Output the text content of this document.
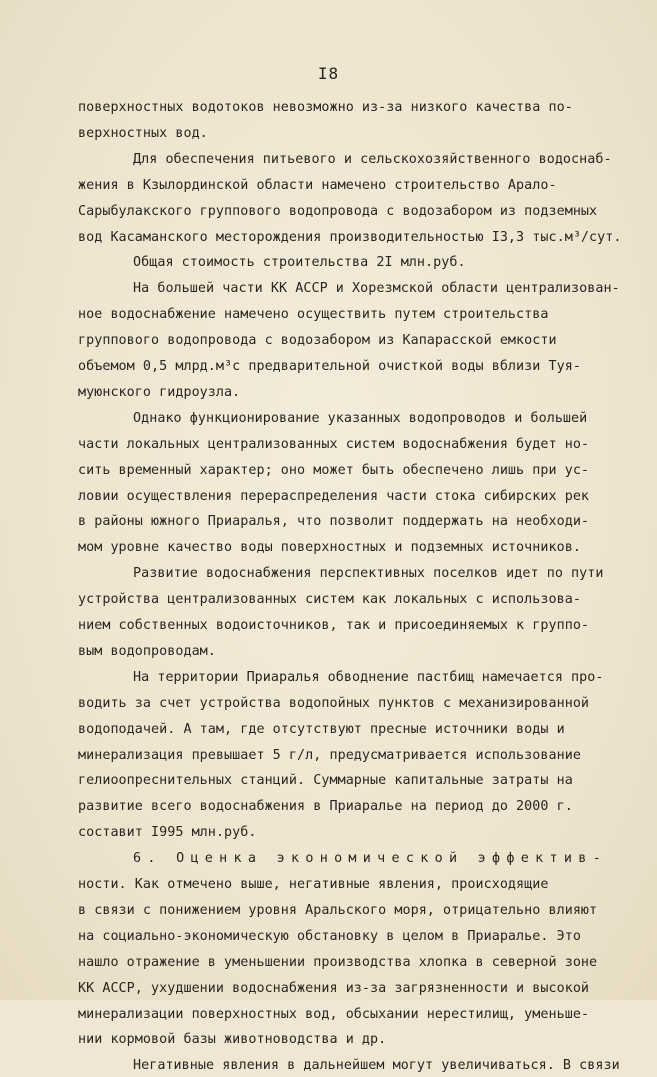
I8
поверхностных водотоков невозможно из-за низкого качества по-
верхностных вод.
Для обеспечения питьевого и сельскохозяйственного водоснаб-
жения в Кзылординской области намечено строительство Арало-
Сарыбулакского группового водопровода с водозабором из подземных
вод Касаманского месторождения производительностью I3,3 тыс.м³/сут.
Общая стоимость строительства 2I млн.руб.
На большей части КК АССР и Хорезмской области централизован-
ное водоснабжение намечено осуществить путем строительства
группового водопровода с водозабором из Капарасской емкости
объемом 0,5 млрд.м³с предварительной очисткой воды вблизи Туя-
муюнского гидроузла.
Однако функционирование указанных водопроводов и большей
части локальных централизованных систем водоснабжения будет но-
сить временный характер; оно может быть обеспечено лишь при ус-
ловии осуществления перераспределения части стока сибирских рек
в районы южного Приаралья, что позволит поддержать на необходи-
мом уровне качество воды поверхностных и подземных источников.
Развитие водоснабжения перспективных поселков идет по пути
устройства централизованных систем как локальных с использова-
нием собственных водоисточников, так и присоединяемых к группо-
вым водопроводам.
На территории Приаралья обводнение пастбищ намечается про-
водить за счет устройства водопойных пунктов с механизированной
водоподачей. А там, где отсутствуют пресные источники воды и
минерализация превышает 5 г/л, предусматривается использование
гелиоопреснительных станций. Суммарные капитальные затраты на
развитие всего водоснабжения в Приаралье на период до 2000 г.
составит I995 млн.руб.
6. Оценка экономической эффектив-
ности. Как отмечено выше, негативные явления, происходящие
в связи с понижением уровня Аральского моря, отрицательно влияют
на социально-экономическую обстановку в целом в Приаралье. Это
нашло отражение в уменьшении производства хлопка в северной зоне
КК АССР, ухудшении водоснабжения из-за загрязненности и высокой
минерализации поверхностных вод, обсыхании нерестилищ, уменьше-
нии кормовой базы животноводства и др.
Негативные явления в дальнейшем могут увеличиваться. В связи
